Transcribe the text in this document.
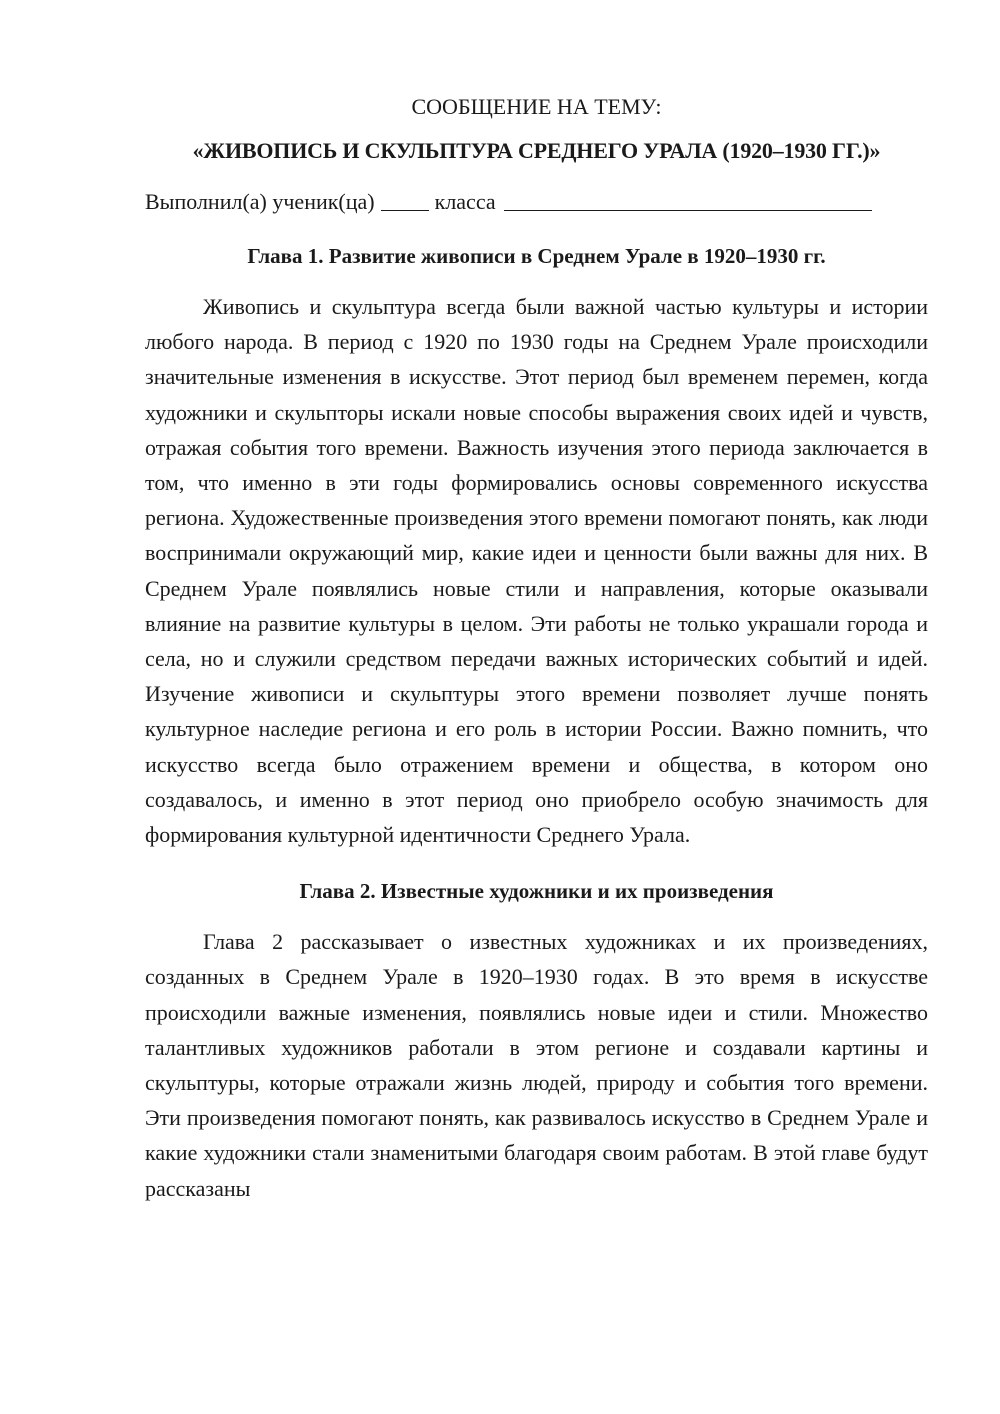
СООБЩЕНИЕ НА ТЕМУ:

«ЖИВОПИСЬ И СКУЛЬПТУРА СРЕДНЕГО УРАЛА (1920–1930 ГГ.)»

Выполнил(а) ученик(ца)	класса
Глава 1. Развитие живописи в Среднем Урале в 1920–1930 гг.

Живопись и скульптура всегда были важной частью культуры и истории любого народа. В период с 1920 по 1930 годы на Среднем Урале происходили значительные изменения в искусстве. Этот период был временем перемен, когда художники и скульпторы искали новые способы выражения своих идей и чувств, отражая события того времени. Важность изучения этого периода заключается в том, что именно в эти годы формировались основы современного искусства региона. Художественные произведения этого времени помогают понять, как люди воспринимали окружающий мир, какие идеи и ценности были важны для них. В Среднем Урале появлялись новые стили и направления, которые оказывали влияние на развитие культуры в целом. Эти работы не только украшали города и села, но и служили средством передачи важных исторических событий и идей. Изучение живописи и скульптуры этого времени позволяет лучше понять культурное наследие региона и его роль в истории России. Важно помнить, что искусство всегда было отражением времени и общества, в котором оно создавалось, и именно в этот период оно приобрело особую значимость для формирования культурной идентичности Среднего Урала.

Глава 2. Известные художники и их произведения

Глава 2 рассказывает о известных художниках и их произведениях, созданных в Среднем Урале в 1920–1930 годах. В это время в искусстве происходили важные изменения, появлялись новые идеи и стили. Множество талантливых художников работали в этом регионе и создавали картины и скульптуры, которые отражали жизнь людей, природу и события того времени. Эти произведения помогают понять, как развивалось искусство в Среднем Урале и какие художники стали знаменитыми благодаря своим работам. В этой главе будут рассказаны
